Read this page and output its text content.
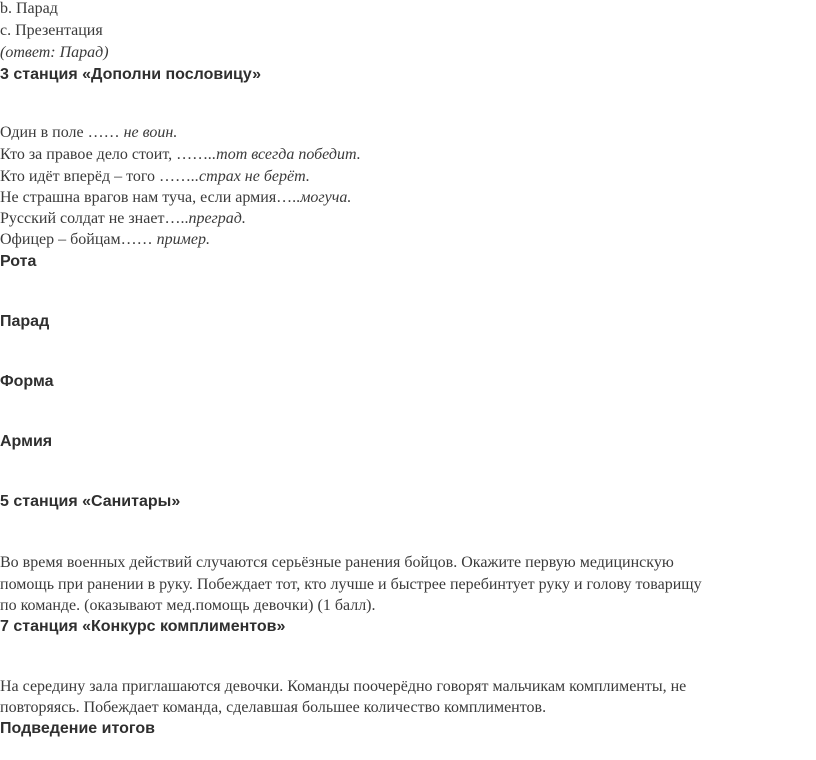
b. Парад
c. Презентация
(ответ: Парад)
3 станция «Дополни пословицу»
Один в поле …… не воин.
Кто за правое дело стоит, ……..тот всегда победит.
Кто идёт вперёд – того ……..страх не берёт.
Не страшна врагов нам туча, если армия…..могуча.
Русский солдат не знает…..преград.
Офицер – бойцам…… пример.
Рота
Парад
Форма
Армия
5 станция «Санитары»
Во время военных действий случаются серьёзные ранения бойцов. Окажите первую медицинскую
помощь при ранении в руку. Побеждает тот, кто лучше и быстрее перебинтует руку и голову товарищу
по команде. (оказывают мед.помощь девочки) (1 балл).
7 станция «Конкурс комплиментов»
На середину зала приглашаются девочки. Команды поочерёдно говорят мальчикам комплименты, не
повторяясь. Побеждает команда, сделавшая большее количество комплиментов.
Подведение итогов
